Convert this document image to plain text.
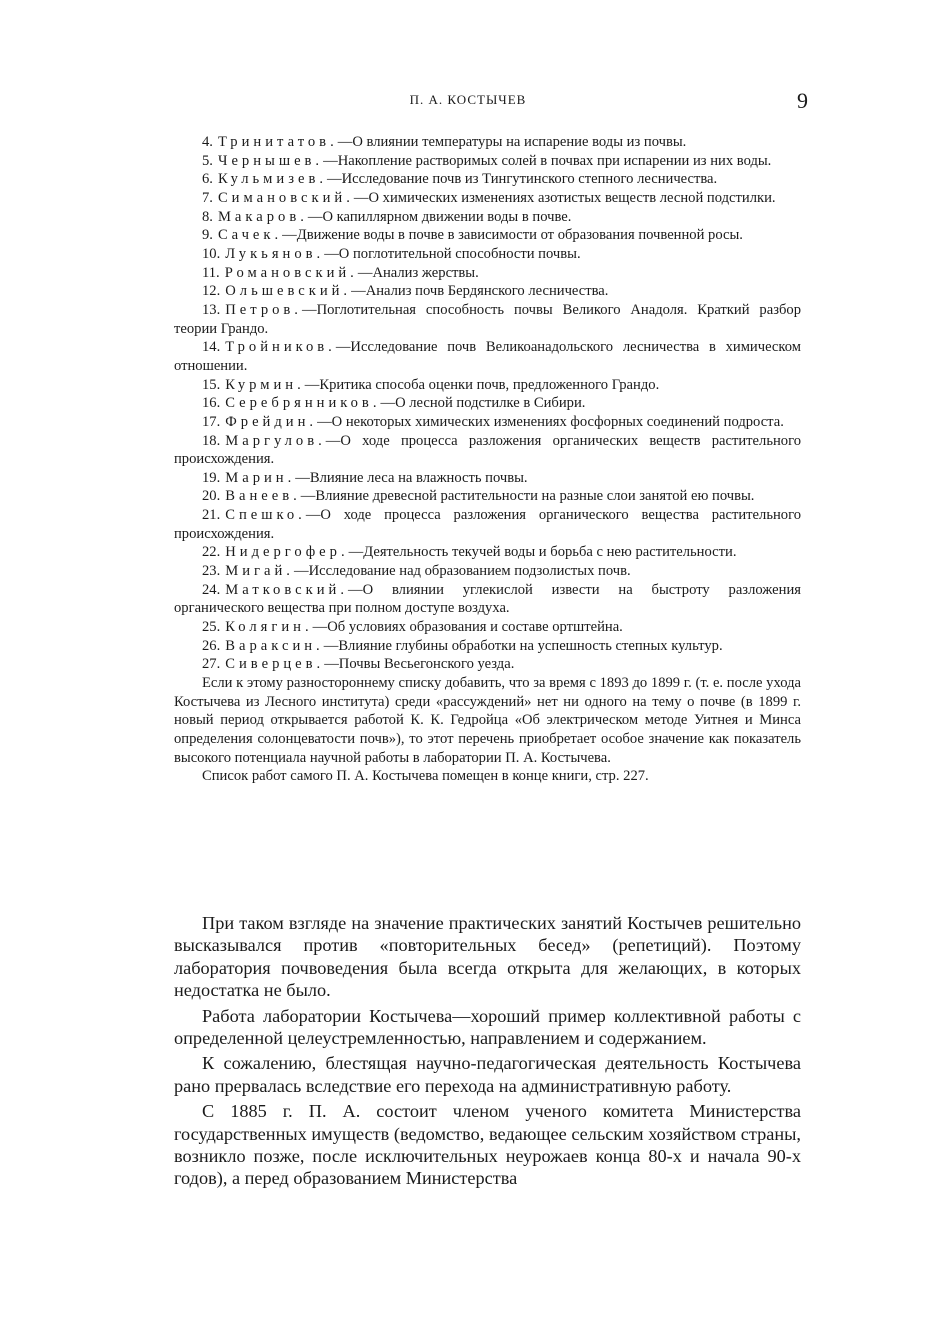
П. А. КОСТЫЧЕВ	9

4. Тринитатов.—О влиянии температуры на испарение воды из почвы.

5. Чернышев.—Накопление растворимых солей в почвах при испарении из них воды.

6. Кульмизев.—Исследование почв из Тингутинского степного лесничества.

7. Симановский.—О химических изменениях азотистых веществ лесной подстилки.

8. Макаров.—О капиллярном движении воды в почве.

9. Сачек.—Движение воды в почве в зависимости от образования почвенной росы.

10. Лукьянов.—О поглотительной способности почвы.

11. Романовский.—Анализ жерствы.

12. Ольшевский.—Анализ почв Бердянского лесничества.

13. Петров.—Поглотительная способность почвы Великого Анадоля. Краткий разбор теории Грандо.

14. Тройников.—Исследование почв Великоанадольского лесничества в химическом отношении.

15. Курмин.—Критика способа оценки почв, предложенного Грандо.

16. Серебрянников.—О лесной подстилке в Сибири.

17. Фрейдин.—О некоторых химических изменениях фосфорных соединений подроста.

18. Маргулов.—О ходе процесса разложения органических веществ растительного происхождения.

19. Марин.—Влияние леса на влажность почвы.

20. Ванеев.—Влияние древесной растительности на разные слои занятой ею почвы.

21. Спешко.—О ходе процесса разложения органического вещества растительного происхождения.

22. Нидергофер.—Деятельность текучей воды и борьба с нею растительности.

23. Мигай.—Исследование над образованием подзолистых почв.

24. Матковский.—О влиянии углекислой извести на быстроту разложения органического вещества при полном доступе воздуха.

25. Колягин.—Об условиях образования и составе ортштейна.

26. Вараксин.—Влияние глубины обработки на успешность степных культур.

27. Сиверцев.—Почвы Весьегонского уезда.

Если к этому разностороннему списку добавить, что за время с 1893 до 1899 г. (т. е. после ухода Костычева из Лесного института) среди «рассуждений» нет ни одного на тему о почве (в 1899 г. новый период открывается работой К. К. Гедройца «Об электрическом методе Уитнея и Минса определения солонцеватости почв»), то этот перечень приобретает особое значение как показатель высокого потенциала научной работы в лаборатории П. А. Костычева.

Список работ самого П. А. Костычева помещен в конце книги, стр. 227.

При таком взгляде на значение практических занятий Костычев решительно высказывался против «повторительных бесед» (репетиций). Поэтому лаборатория почвоведения была всегда открыта для желающих, в которых недостатка не было.

Работа лаборатории Костычева—хороший пример коллективной работы с определенной целеустремленностью, направлением и содержанием.

К сожалению, блестящая научно-педагогическая деятельность Костычева рано прервалась вследствие его перехода на административную работу.

С 1885 г. П. А. состоит членом ученого комитета Министерства государственных имуществ (ведомство, ведающее сельским хозяйством страны, возникло позже, после исключительных неурожаев конца 80-х и начала 90-х годов), а перед образованием Министерства
